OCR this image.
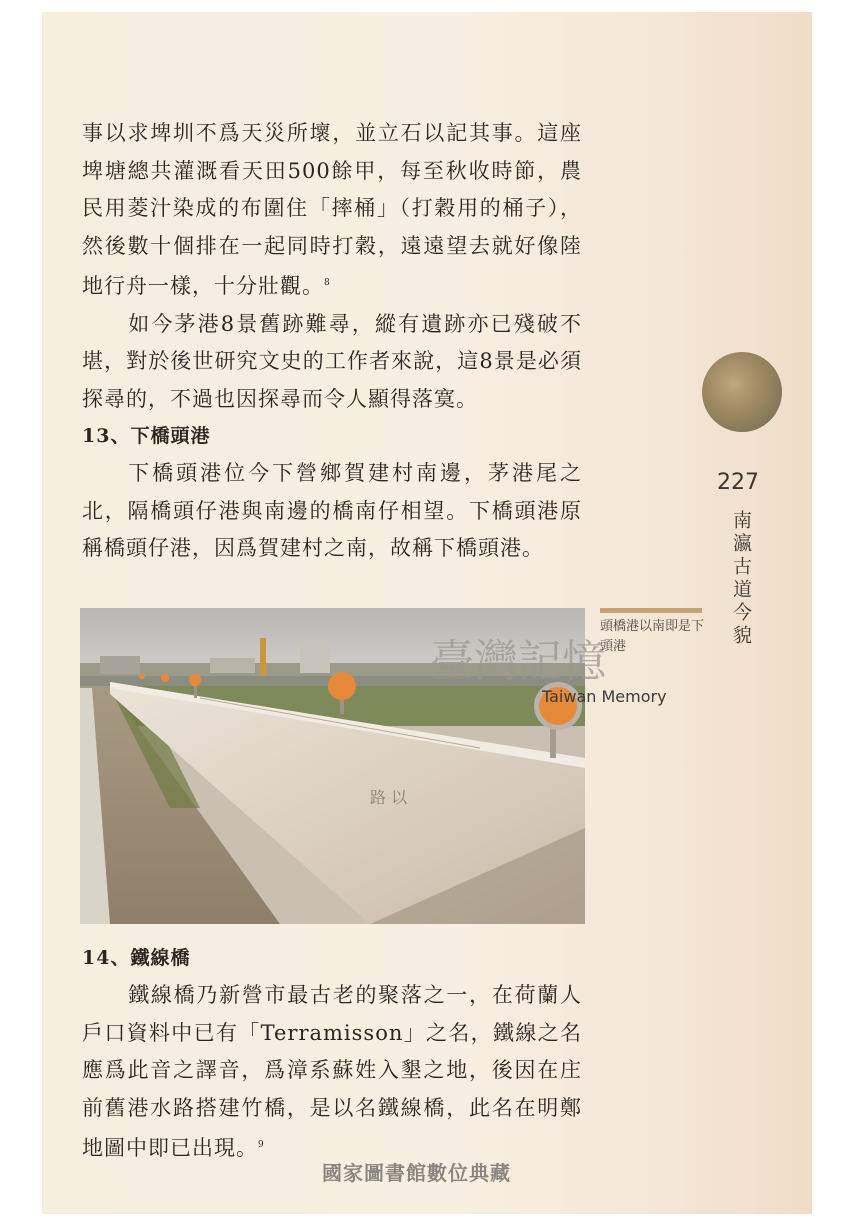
事以求埤圳不爲天災所壞，並立石以記其事。這座埤塘總共灌溉看天田500餘甲，每至秋收時節，農民用菱汁染成的布圍住「摔桶」（打穀用的桶子），然後數十個排在一起同時打穀，遠遠望去就好像陸地行舟一樣，十分壯觀。$^8$

如今茅港8景舊跡難尋，縱有遺跡亦已殘破不堪，對於後世研究文史的工作者來說，這8景是必須探尋的，不過也因探尋而令人顯得落寞。

13、下橋頭港

下橋頭港位今下營鄉賀建村南邊，茅港尾之北，隔橋頭仔港與南邊的橋南仔相望。下橋頭港原稱橋頭仔港，因爲賀建村之南，故稱下橋頭港。

路 以
頭橋港以南即是下頭港
臺灣記憶
Taiwan Memory

14、鐵線橋

鐵線橋乃新營市最古老的聚落之一，在荷蘭人戶口資料中已有「Terramisson」之名，鐵線之名應爲此音之譯音，爲漳系蘇姓入墾之地，後因在庄前舊港水路搭建竹橋，是以名鐵線橋，此名在明鄭地圖中即已出現。$^9$

227
南瀛古道今貌
國家圖書館數位典藏
